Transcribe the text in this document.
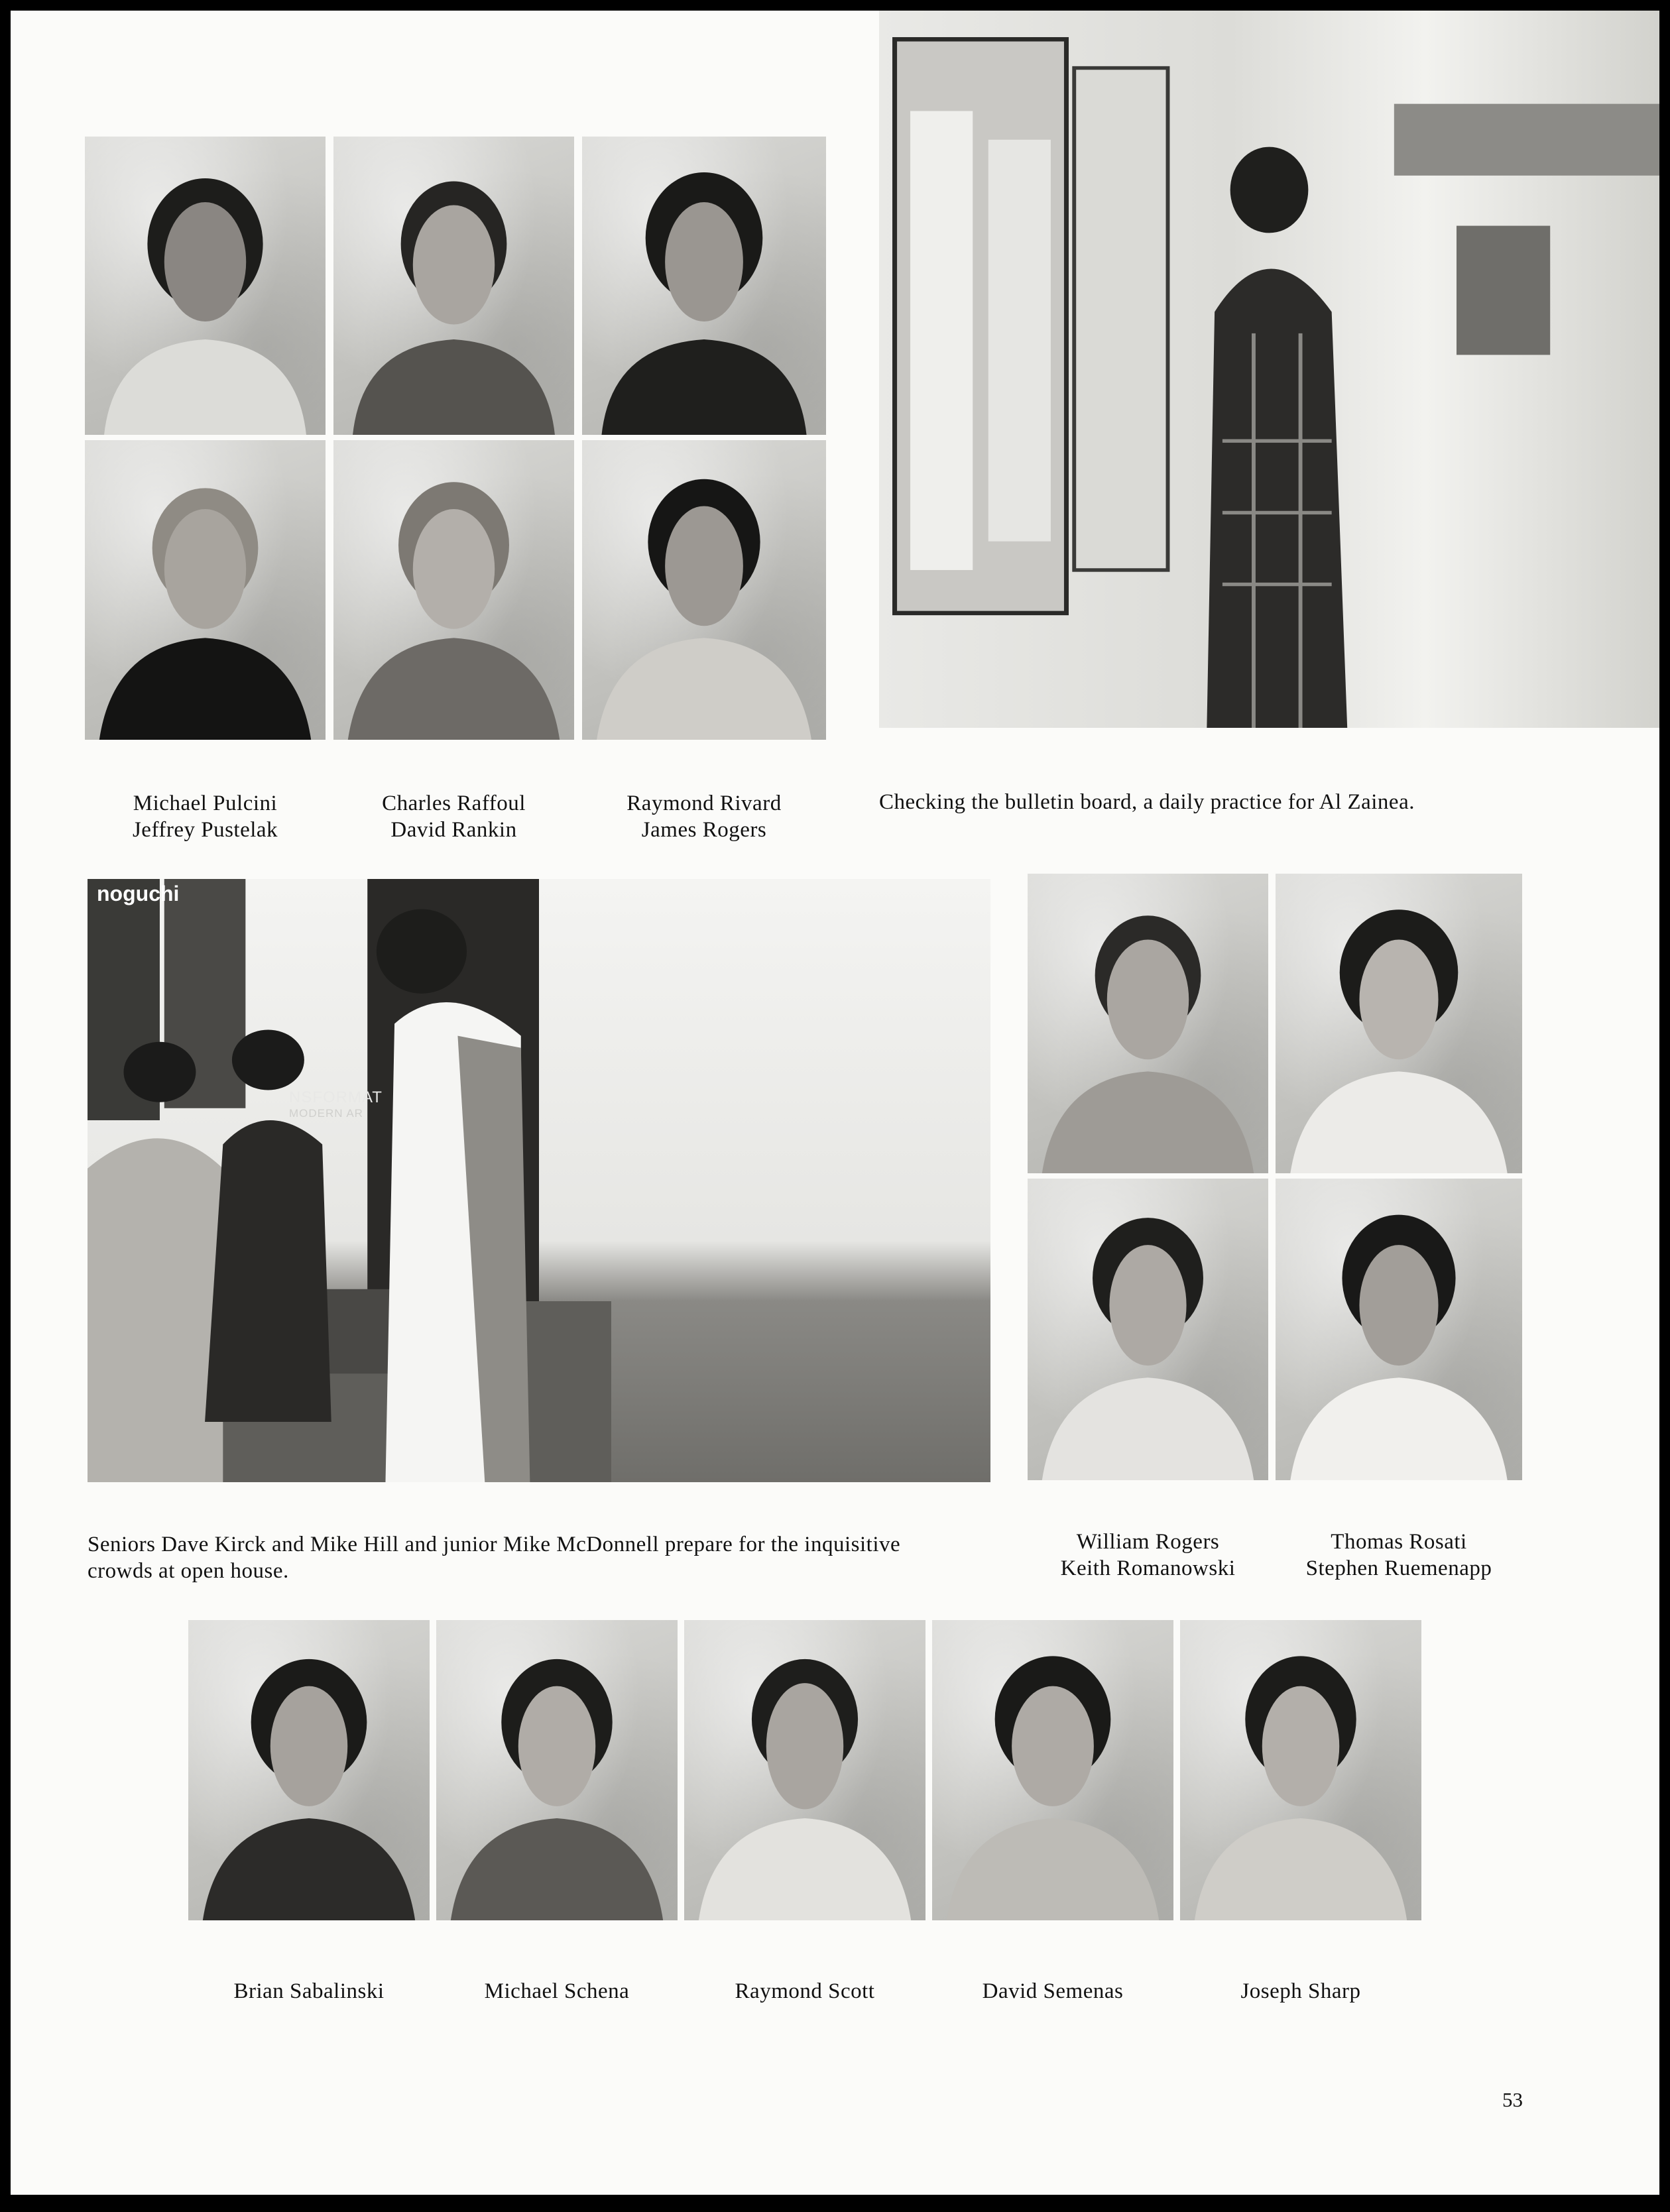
Michael Pulcini
Jeffrey Pustelak
Charles Raffoul
David Rankin
Raymond Rivard
James Rogers
Checking the bulletin board, a daily practice for Al Zainea.
noguchi
NSFORMAT
MODERN AR
Seniors Dave Kirck and Mike Hill and junior Mike McDonnell prepare for the inquisitive
crowds at open house.
William Rogers
Keith Romanowski
Thomas Rosati
Stephen Ruemenapp
Brian Sabalinski	Michael Schena	Raymond Scott	David Semenas	Joseph Sharp
53
